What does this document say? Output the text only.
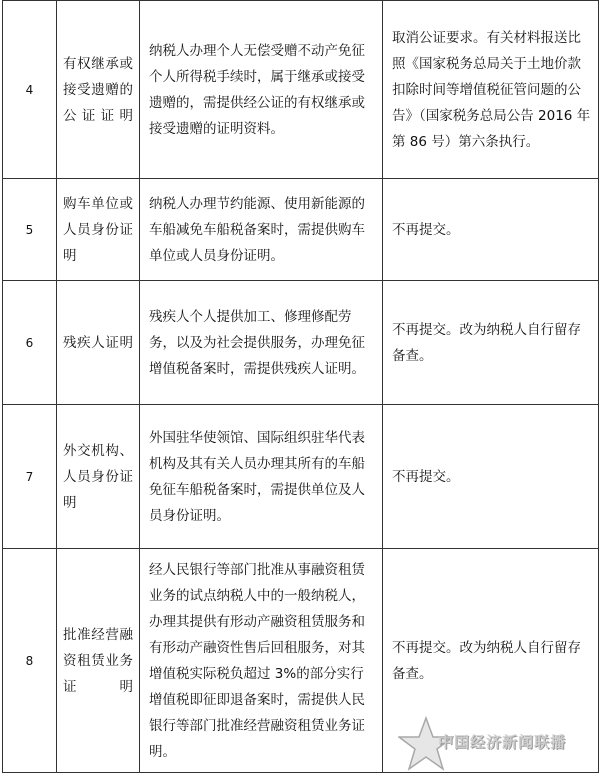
4	有权继承或接受遗赠的公证证明	纳税人办理个人无偿受赠不动产免征个人所得税手续时，属于继承或接受遗赠的，需提供经公证的有权继承或接受遗赠的证明资料。	取消公证要求。有关材料报送比照《国家税务总局关于土地价款扣除时间等增值税征管问题的公告》（国家税务总局公告 2016 年第 86 号）第六条执行。
5	购车单位或人员身份证明	纳税人办理节约能源、使用新能源的车船减免车船税备案时，需提供购车单位或人员身份证明。	不再提交。
6	残疾人证明	残疾人个人提供加工、修理修配劳务，以及为社会提供服务，办理免征增值税备案时，需提供残疾人证明。	不再提交。改为纳税人自行留存备查。
7	外交机构、人员身份证明	外国驻华使领馆、国际组织驻华代表机构及其有关人员办理其所有的车船免征车船税备案时，需提供单位及人员身份证明。	不再提交。
8	批准经营融资租赁业务证明	经人民银行等部门批准从事融资租赁业务的试点纳税人中的一般纳税人，办理其提供有形动产融资租赁服务和有形动产融资性售后回租服务，对其增值税实际税负超过 3%的部分实行增值税即征即退备案时，需提供人民银行等部门批准经营融资租赁业务证明。	不再提交。改为纳税人自行留存备查。
中国经济新闻联播
